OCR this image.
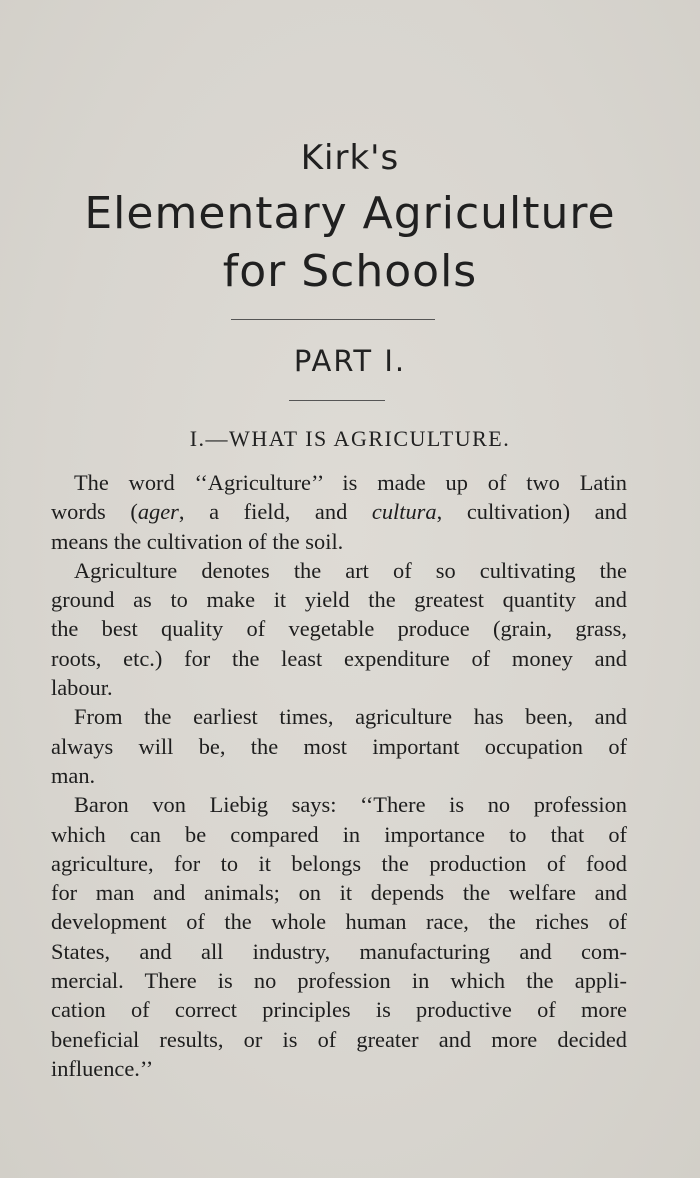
Kirk's
Elementary Agriculture
for Schools
PART I.
I.—WHAT IS AGRICULTURE.
The word ‘‘Agriculture’’ is made up of two Latin
words (ager, a field, and cultura, cultivation) and
means the cultivation of the soil.
Agriculture denotes the art of so cultivating the
ground as to make it yield the greatest quantity and
the best quality of vegetable produce (grain, grass,
roots, etc.) for the least expenditure of money and
labour.
From the earliest times, agriculture has been, and
always will be, the most important occupation of
man.
Baron von Liebig says: ‘‘There is no profession
which can be compared in importance to that of
agriculture, for to it belongs the production of food
for man and animals; on it depends the welfare and
development of the whole human race, the riches of
States, and all industry, manufacturing and com-
mercial. There is no profession in which the appli-
cation of correct principles is productive of more
beneficial results, or is of greater and more decided
influence.’’
